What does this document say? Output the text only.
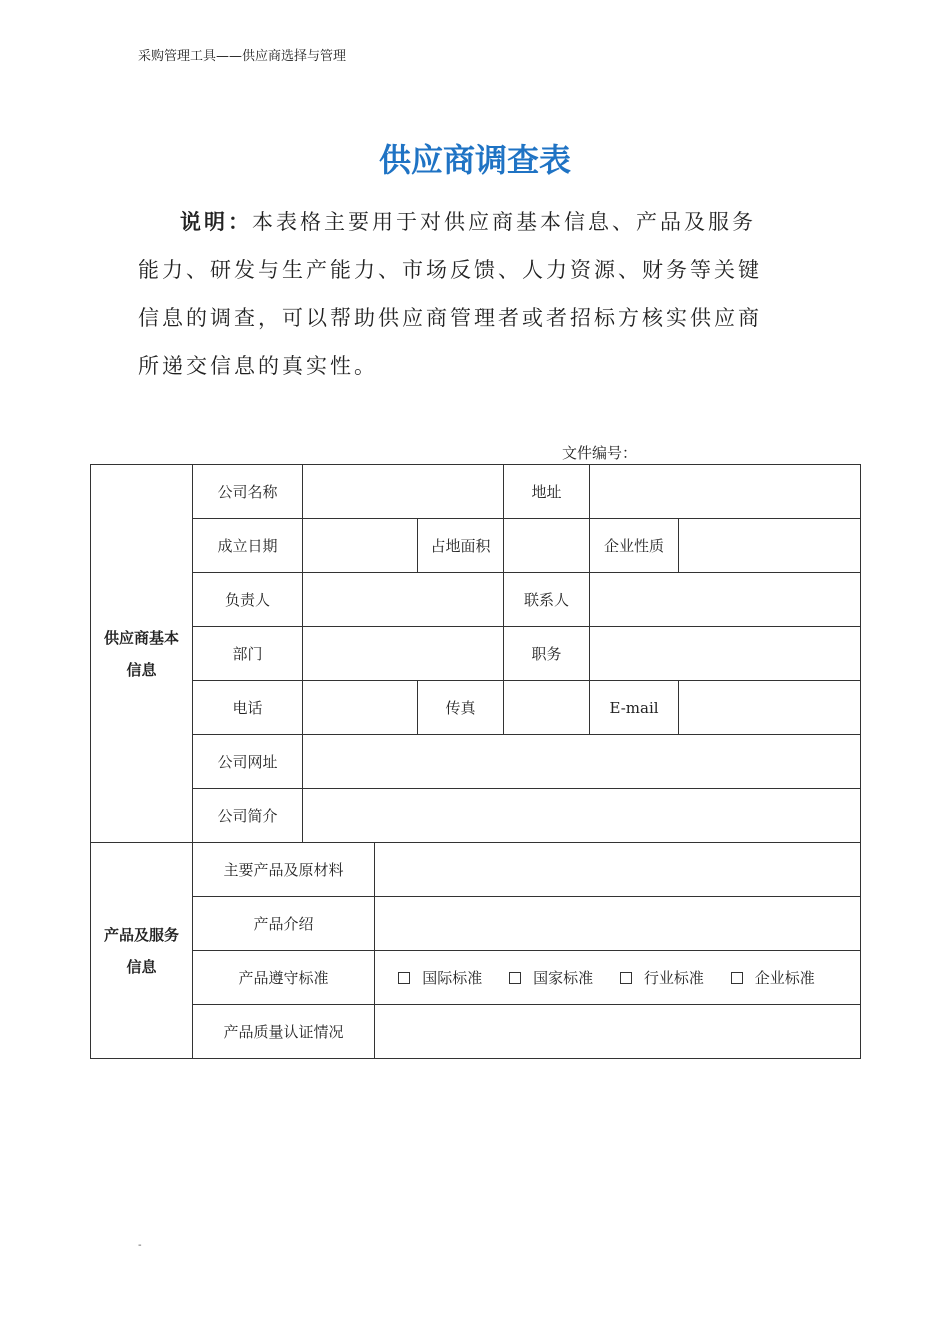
采购管理工具——供应商选择与管理
供应商调查表
说明：本表格主要用于对供应商基本信息、产品及服务能力、研发与生产能力、市场反馈、人力资源、财务等关键信息的调查，可以帮助供应商管理者或者招标方核实供应商所递交信息的真实性。
文件编号：
供应商基本信息	公司名称				地址		
	成立日期			占地面积		企业性质	
	负责人				联系人		
	部门				职务		
	电话			传真		E-mail	
	公司网址						
	公司简介						
产品及服务信息	主要产品及原材料						
	产品介绍						
	产品遵守标准		国际标准 国家标准 行业标准 企业标准				
	产品质量认证情况						
-
